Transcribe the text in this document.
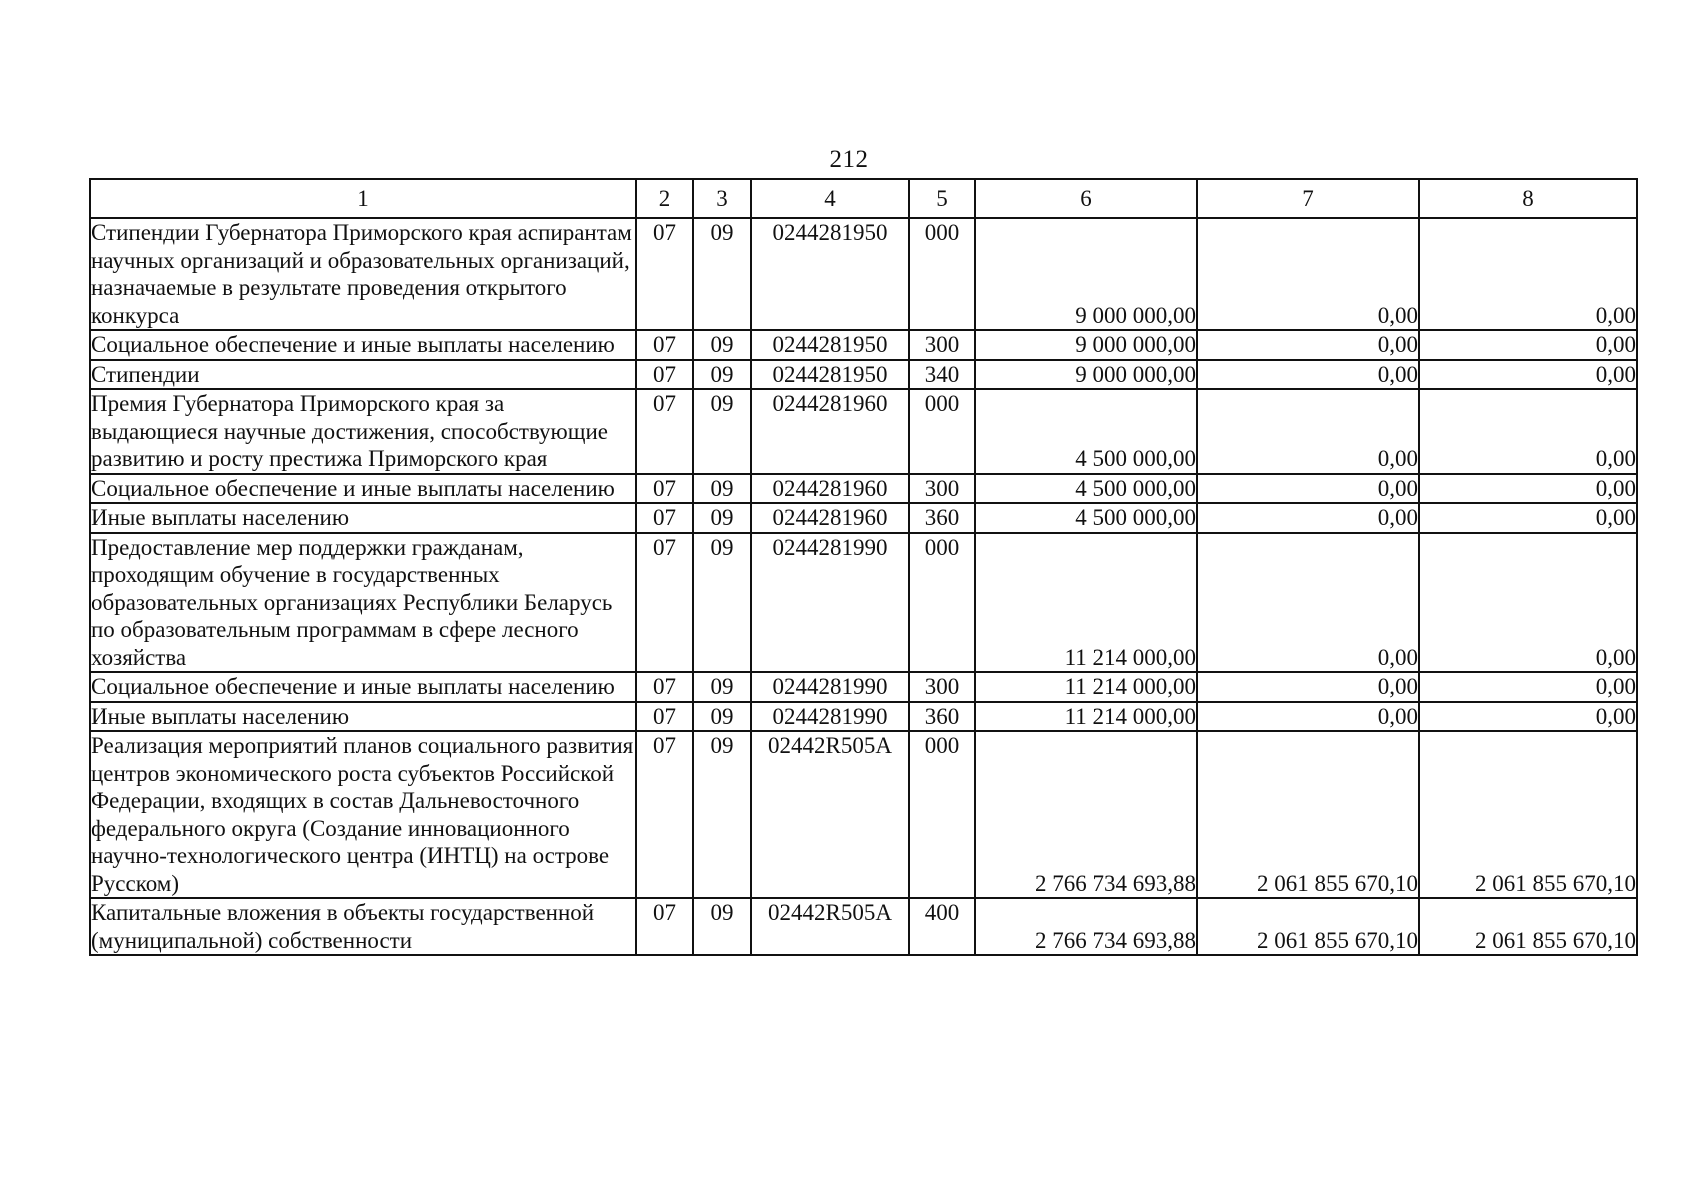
212
1	2	3	4	5	6	7	8
Стипендии Губернатора Приморского края аспирантам научных организаций и образовательных организаций, назначаемые в результате проведения открытого конкурса	07	09	0244281950	000	9 000 000,00	0,00	0,00
Социальное обеспечение и иные выплаты населению	07	09	0244281950	300	9 000 000,00	0,00	0,00
Стипендии	07	09	0244281950	340	9 000 000,00	0,00	0,00
Премия Губернатора Приморского края за выдающиеся научные достижения, способствующие развитию и росту престижа Приморского края	07	09	0244281960	000	4 500 000,00	0,00	0,00
Социальное обеспечение и иные выплаты населению	07	09	0244281960	300	4 500 000,00	0,00	0,00
Иные выплаты населению	07	09	0244281960	360	4 500 000,00	0,00	0,00
Предоставление мер поддержки гражданам, проходящим обучение в государственных образовательных организациях Республики Беларусь по образовательным программам в сфере лесного хозяйства	07	09	0244281990	000	11 214 000,00	0,00	0,00
Социальное обеспечение и иные выплаты населению	07	09	0244281990	300	11 214 000,00	0,00	0,00
Иные выплаты населению	07	09	0244281990	360	11 214 000,00	0,00	0,00
Реализация мероприятий планов социального развития центров экономического роста субъектов Российской Федерации, входящих в состав Дальневосточного федерального округа (Создание инновационного научно-технологического центра (ИНТЦ) на острове Русском)	07	09	02442R505A	000	2 766 734 693,88	2 061 855 670,10	2 061 855 670,10
Капитальные вложения в объекты государственной (муниципальной) собственности	07	09	02442R505A	400	2 766 734 693,88	2 061 855 670,10	2 061 855 670,10
